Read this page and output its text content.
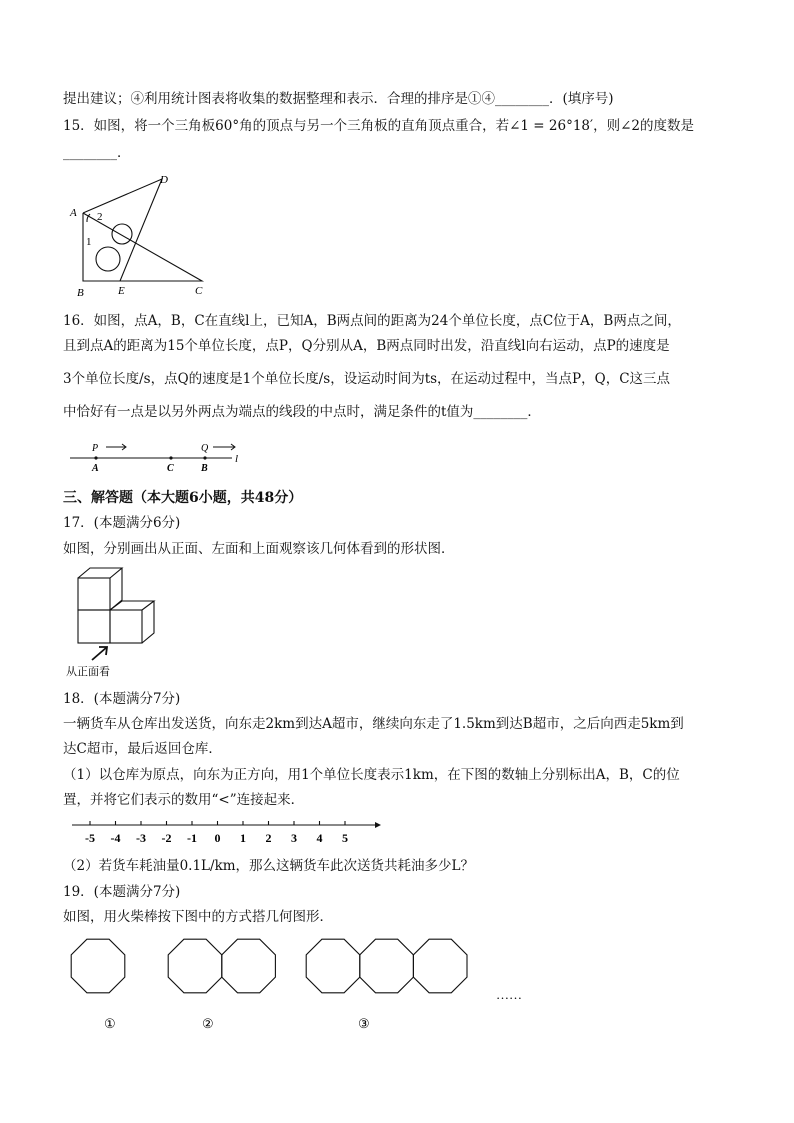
提出建议；④利用统计图表将收集的数据整理和表示．合理的排序是①④________．(填序号)
15．如图，将一个三角板60°角的顶点与另一个三角板的直角顶点重合，若∠1 = 26°18′，则∠2的度数是
________．
A
B	C
D
E
2
1
16．如图，点A，B，C在直线l上，已知A，B两点间的距离为24个单位长度，点C位于A，B两点之间，
且到点A的距离为15个单位长度，点P，Q分别从A，B两点同时出发，沿直线l向右运动，点P的速度是
3个单位长度/s，点Q的速度是1个单位长度/s，设运动时间为ts，在运动过程中，当点P，Q，C这三点
中恰好有一点是以另外两点为端点的线段的中点时，满足条件的t值为________．
P	Q
A	C	B
l
三、解答题（本大题6小题，共48分）
17．(本题满分6分)
如图，分别画出从正面、左面和上面观察该几何体看到的形状图．
从正面看
18．(本题满分7分)
一辆货车从仓库出发送货，向东走2km到达A超市，继续向东走了1.5km到达B超市，之后向西走5km到
达C超市，最后返回仓库．
（1）以仓库为原点，向东为正方向，用1个单位长度表示1km，在下图的数轴上分别标出A，B，C的位
置，并将它们表示的数用“<”连接起来．
-5 -4 -3 -2 -1 0 1 2 3 4 5
（2）若货车耗油量0.1L/km，那么这辆货车此次送货共耗油多少L？
19．(本题满分7分)
如图，用火柴棒按下图中的方式搭几何图形．
……
①	②	③
